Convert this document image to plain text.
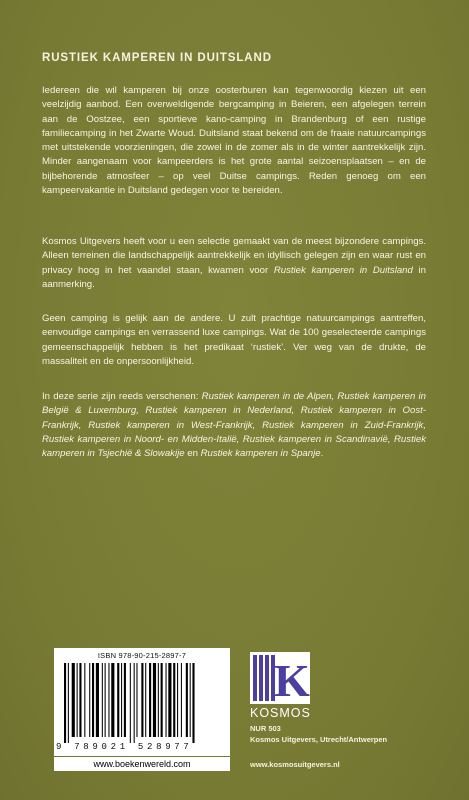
RUSTIEK KAMPEREN IN DUITSLAND

Iedereen die wil kamperen bij onze oosterburen kan tegenwoordig kiezen uit een veelzijdig aanbod. Een overweldigende bergcamping in Beieren, een afgelegen terrein aan de Oostzee, een sportieve kano-camping in Brandenburg of een rustige familiecamping in het Zwarte Woud. Duitsland staat bekend om de fraaie natuurcampings met uitstekende voorzieningen, die zowel in de zomer als in de winter aantrekkelijk zijn. Minder aangenaam voor kampeerders is het grote aantal seizoensplaatsen – en de bijbehorende atmosfeer – op veel Duitse campings. Reden genoeg om een kampeervakantie in Duitsland gedegen voor te bereiden.

Kosmos Uitgevers heeft voor u een selectie gemaakt van de meest bijzondere campings. Alleen terreinen die landschappelijk aantrekkelijk en idyllisch gelegen zijn en waar rust en privacy hoog in het vaandel staan, kwamen voor Rustiek kamperen in Duitsland in aanmerking.

Geen camping is gelijk aan de andere. U zult prachtige natuurcampings aantreffen, eenvoudige campings en verrassend luxe campings. Wat de 100 geselecteerde campings gemeenschappelijk hebben is het predikaat ‘rustiek’. Ver weg van de drukte, de massaliteit en de onpersoonlijkheid.

In deze serie zijn reeds verschenen: Rustiek kamperen in de Alpen, Rustiek kamperen in België & Luxemburg, Rustiek kamperen in Nederland, Rustiek kamperen in Oost-Frankrijk, Rustiek kamperen in West-Frankrijk, Rustiek kamperen in Zuid-Frankrijk, Rustiek kamperen in Noord- en Midden-Italië, Rustiek kamperen in Scandinavië, Rustiek kamperen in Tsjechië & Slowakije en Rustiek kamperen in Spanje.

ISBN 978-90-215-2897-7
9 789021 528977
www.boekenwereld.com
K
KOSMOS
NUR 503
Kosmos Uitgevers, Utrecht/Antwerpen
www.kosmosuitgevers.nl
